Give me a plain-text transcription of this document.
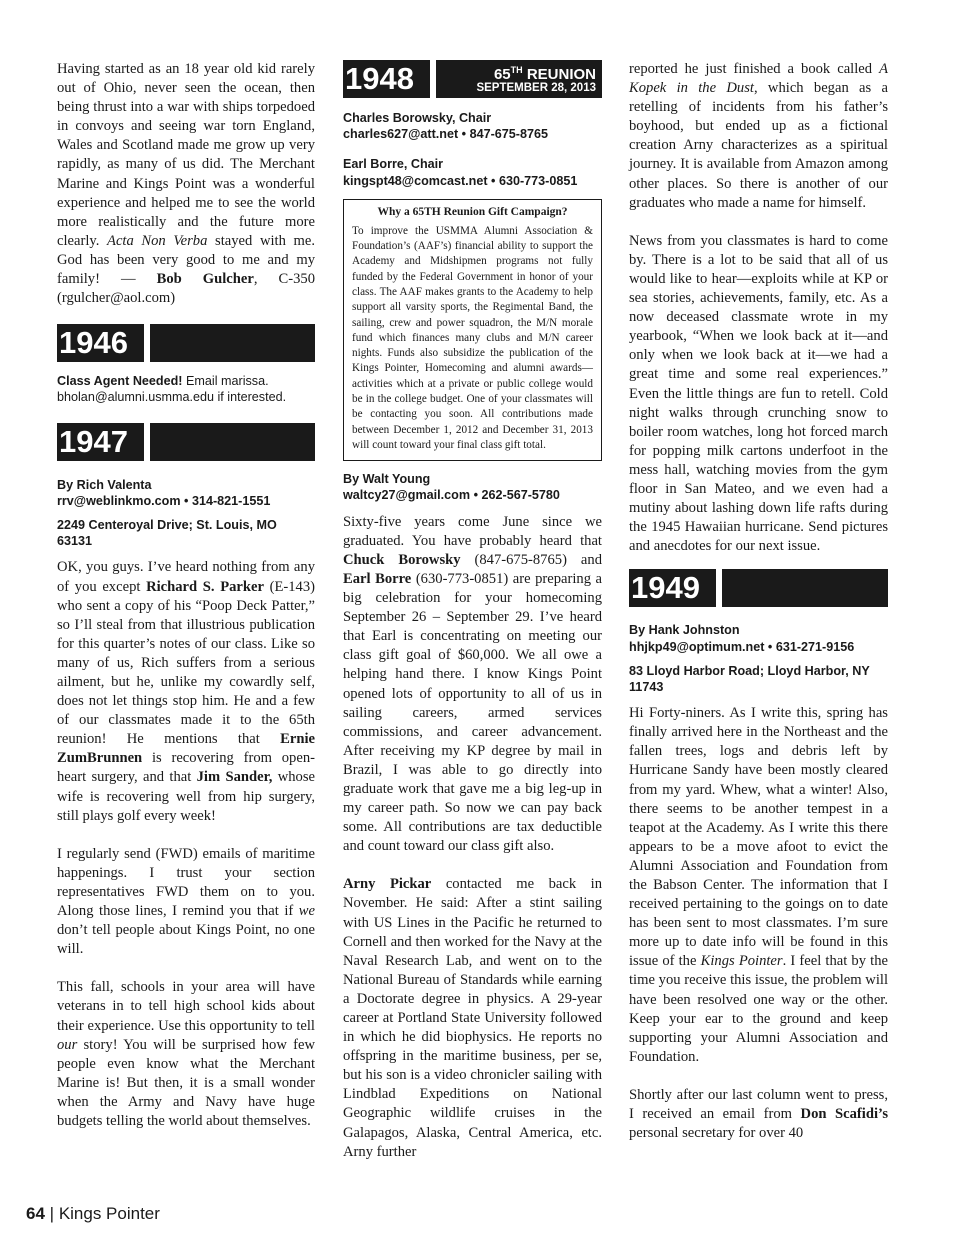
Having started as an 18 year old kid rarely out of Ohio, never seen the ocean, then being thrust into a war with ships torpedoed in convoys and seeing war torn England, Wales and Scotland made me grow up very rapidly, as many of us did. The Merchant Marine and Kings Point was a wonderful experience and helped me to see the world more realistically and the future more clearly. Acta Non Verba stayed with me. God has been very good to me and my family! — Bob Gulcher, C-350 (rgulcher@aol.com)

1946

Class Agent Needed! Email marissa. bholan@alumni.usmma.edu if interested.

1947

By Rich Valenta

rrv@weblinkmo.com • 314-821-1551

2249 Centeroyal Drive; St. Louis, MO 63131

OK, you guys. I’ve heard nothing from any of you except Richard S. Parker (E-143) who sent a copy of his “Poop Deck Patter,” so I’ll steal from that illustrious publication for this quarter’s notes of our class. Like so many of us, Rich suffers from a serious ailment, but he, unlike my cowardly self, does not let things stop him. He and a few of our classmates made it to the 65th reunion! He mentions that Ernie ZumBrunnen is recovering from open-heart surgery, and that Jim Sander, whose wife is recovering well from hip surgery, still plays golf every week!

I regularly send (FWD) emails of maritime happenings. I trust your section representatives FWD them on to you. Along those lines, I remind you that if we don’t tell people about Kings Point, no one will.

This fall, schools in your area will have veterans in to tell high school kids about their experience. Use this opportunity to tell our story! You will be surprised how few people even know what the Merchant Marine is! But then, it is a small wonder when the Army and Navy have huge budgets telling the world about themselves.

1948	65TH REUNION
SEPTEMBER 28, 2013

Charles Borowsky, Chair

charles627@att.net • 847-675-8765

Earl Borre, Chair

kingspt48@comcast.net • 630-773-0851

Why a 65TH Reunion Gift Campaign?

To improve the USMMA Alumni Association & Foundation’s (AAF’s) financial ability to support the Academy and Midshipmen programs not fully funded by the Federal Government in honor of your class. The AAF makes grants to the Academy to help support all varsity sports, the Regimental Band, the sailing, crew and power squadron, the M/N morale fund which finances many clubs and M/N career nights. Funds also subsidize the publication of the Kings Pointer, Homecoming and alumni awards—activities which at a private or public college would be in the college budget. One of your classmates will be contacting you soon. All contributions made between December 1, 2012 and December 31, 2013 will count toward your final class gift total.

By Walt Young

waltcy27@gmail.com • 262-567-5780

Sixty-five years come June since we graduated. You have probably heard that Chuck Borowsky (847-675-8765) and Earl Borre (630-773-0851) are preparing a big celebration for your homecoming September 26 – September 29. I’ve heard that Earl is concentrating on meeting our class gift goal of $60,000. We all owe a helping hand there. I know Kings Point opened lots of opportunity to all of us in sailing careers, armed services commissions, and career advancement. After receiving my KP degree by mail in Brazil, I was able to go directly into graduate work that gave me a big leg-up in my career path. So now we can pay back some. All contributions are tax deductible and count toward our class gift also.

Arny Pickar contacted me back in November. He said: After a stint sailing with US Lines in the Pacific he returned to Cornell and then worked for the Navy at the Naval Research Lab, and went on to the National Bureau of Standards while earning a Doctorate degree in physics. A 29-year career at Portland State University followed in which he did biophysics. He reports no offspring in the maritime business, per se, but his son is a video chronicler sailing with Lindblad Expeditions on National Geographic wildlife cruises in the Galapagos, Alaska, Central America, etc. Arny further

reported he just finished a book called A Kopek in the Dust, which began as a retelling of incidents from his father’s boyhood, but ended up as a fictional creation Arny characterizes as a spiritual journey. It is available from Amazon among other places. So there is another of our graduates who made a name for himself.

News from you classmates is hard to come by. There is a lot to be said that all of us would like to hear—exploits while at KP or sea stories, achievements, family, etc. As a now deceased classmate wrote in my yearbook, “When we look back at it—and only when we look back at it—we had a great time and some real experiences.” Even the little things are fun to retell. Cold night walks through crunching snow to boiler room watches, long hot forced march for popping milk cartons underfoot in the mess hall, watching movies from the gym floor in San Mateo, and we even had a mutiny about lashing down life rafts during the 1945 Hawaiian hurricane. Send pictures and anecdotes for our next issue.

1949

By Hank Johnston

hhjkp49@optimum.net • 631-271-9156

83 Lloyd Harbor Road; Lloyd Harbor, NY 11743

Hi Forty-niners. As I write this, spring has finally arrived here in the Northeast and the fallen trees, logs and debris left by Hurricane Sandy have been mostly cleared from my yard. Whew, what a winter! Also, there seems to be another tempest in a teapot at the Academy. As I write this there appears to be a move afoot to evict the Alumni Association and Foundation from the Babson Center. The information that I received pertaining to the goings on to date has been sent to most classmates. I’m sure more up to date info will be found in this issue of the Kings Pointer. I feel that by the time you receive this issue, the problem will have been resolved one way or the other. Keep your ear to the ground and keep supporting your Alumni Association and Foundation.

Shortly after our last column went to press, I received an email from Don Scafidi’s personal secretary for over 40

64 | Kings Pointer
